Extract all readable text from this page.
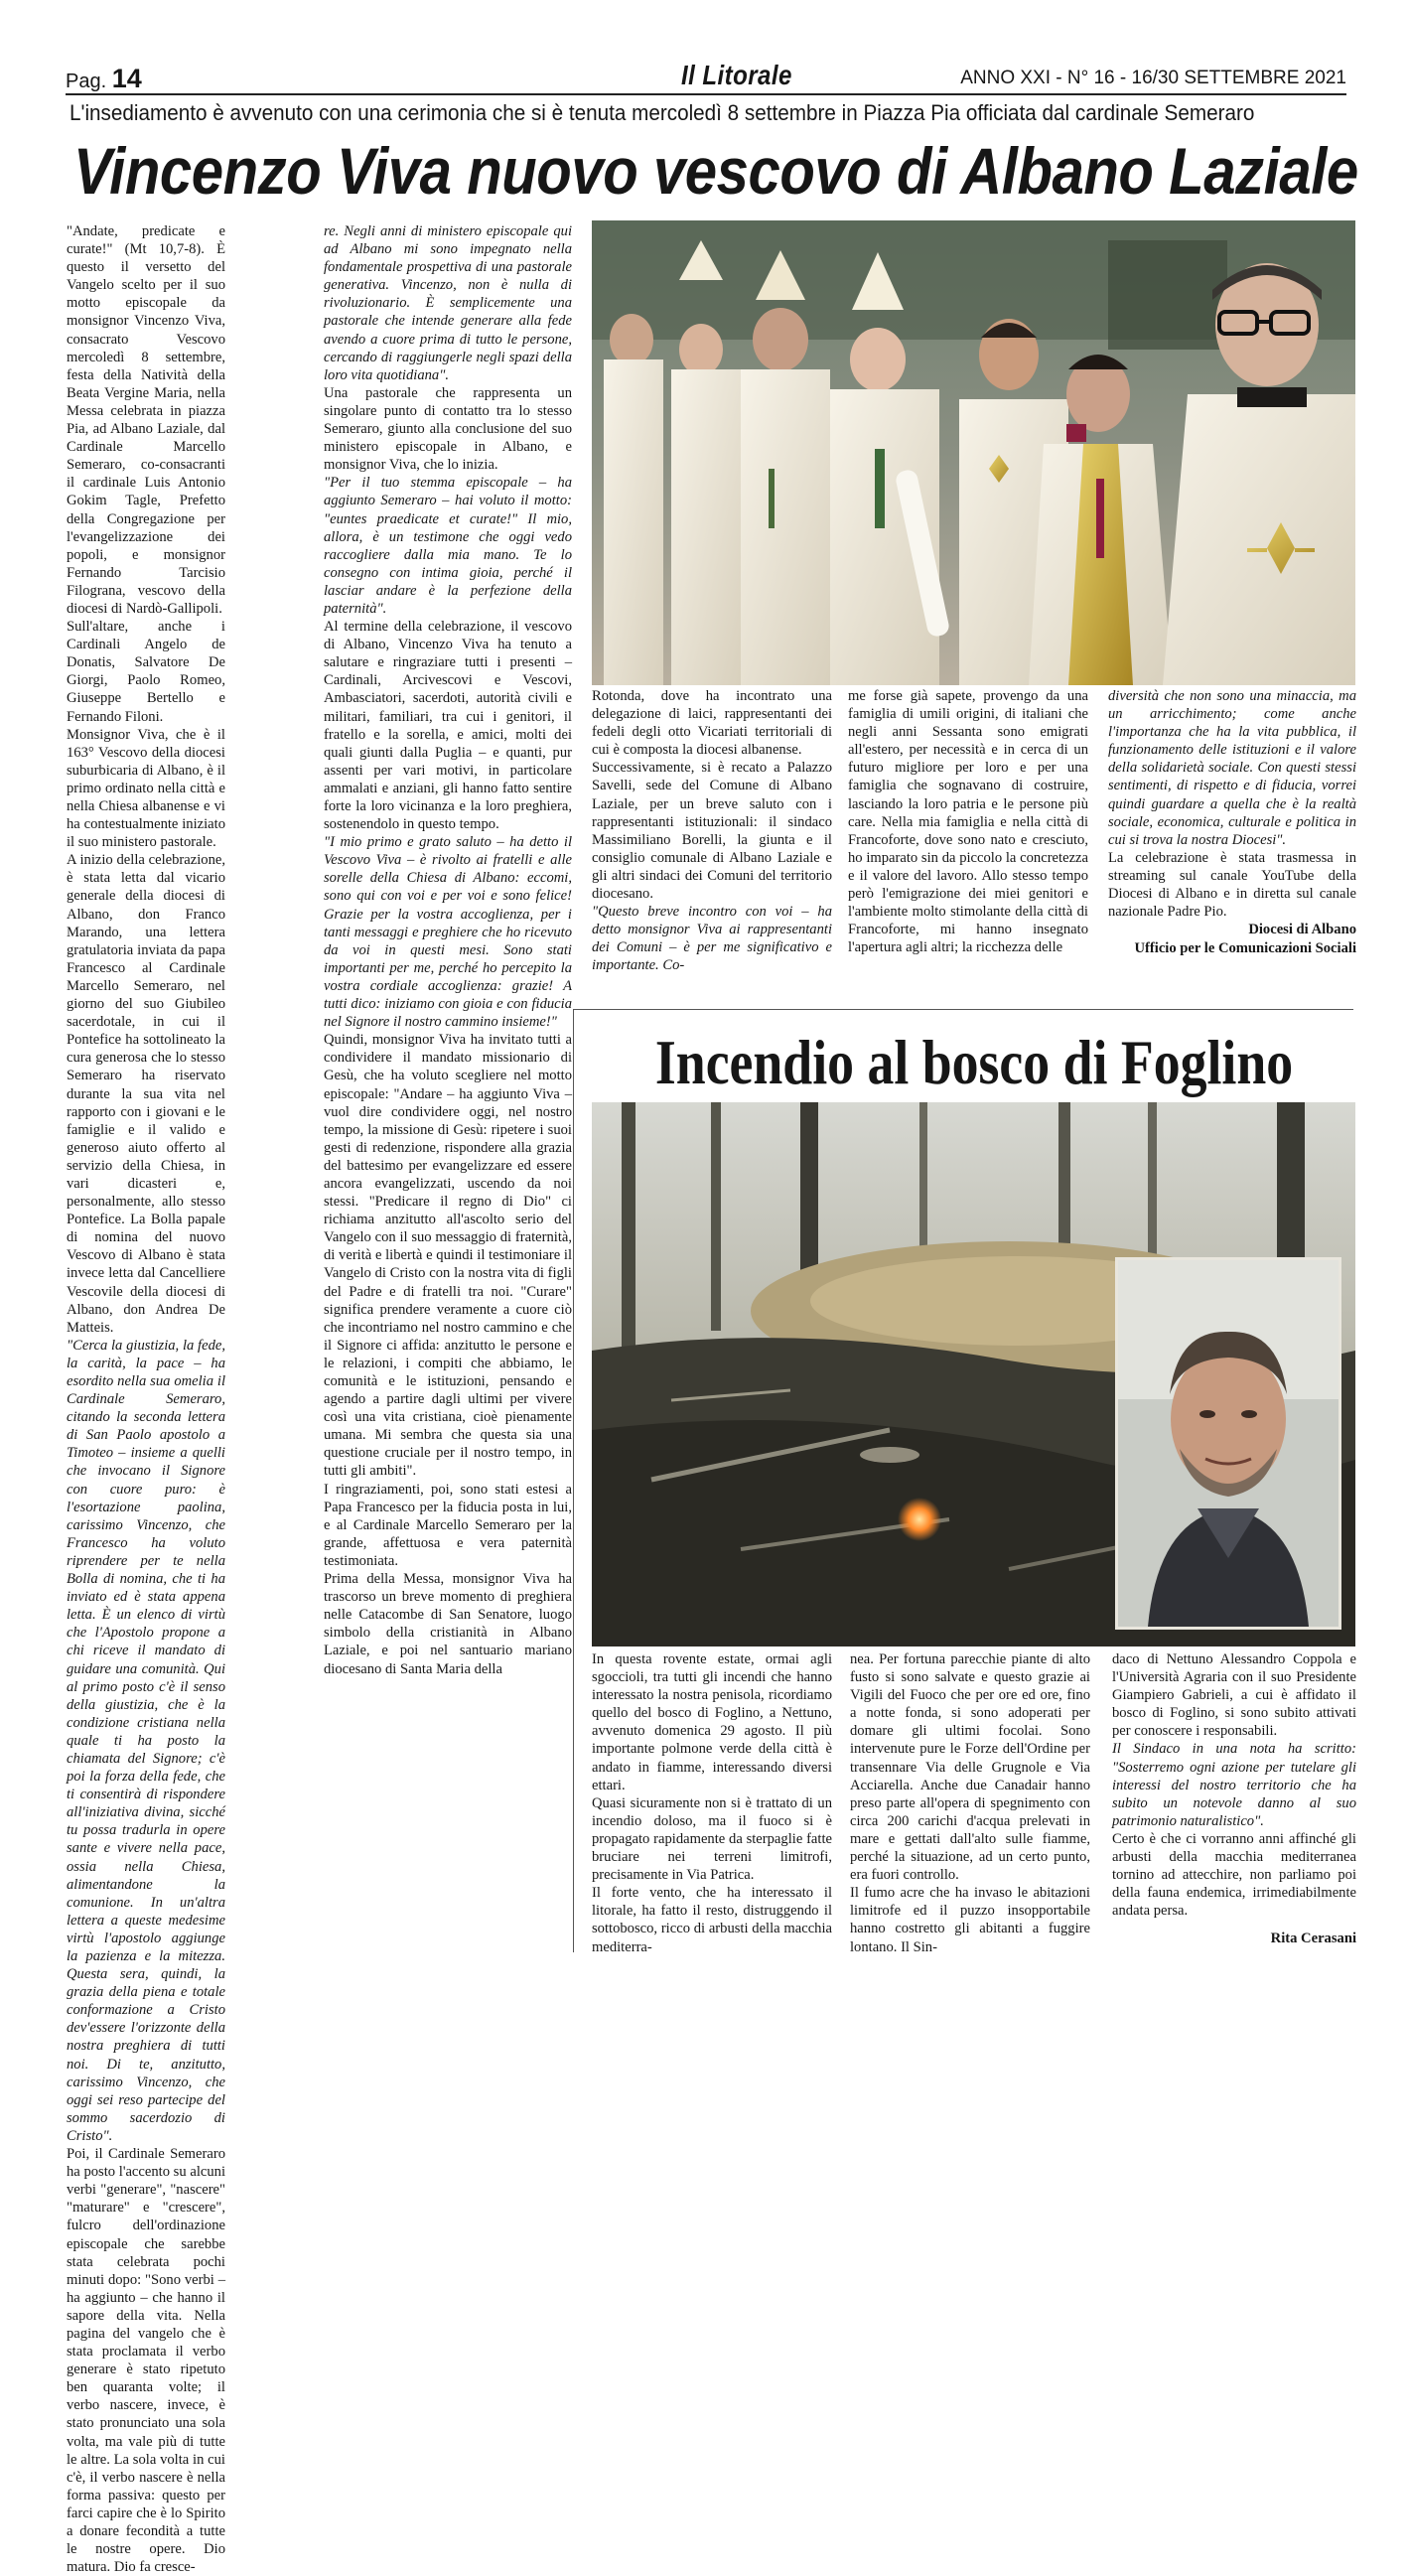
Pag. 14	Il Litorale	ANNO XXI - N° 16 - 16/30 SETTEMBRE 2021
L'insediamento è avvenuto con una cerimonia che si è tenuta mercoledì 8 settembre in Piazza Pia officiata dal cardinale Semeraro
Vincenzo Viva nuovo vescovo di Albano Laziale

"Andate, predicate e curate!" (Mt 10,7-8). È questo il versetto del Vangelo scelto per il suo motto episcopale da monsignor Vincenzo Viva, consacrato Vescovo mercoledì 8 settembre, festa della Natività della Beata Vergine Maria, nella Messa celebrata in piazza Pia, ad Albano Laziale, dal Cardinale Marcello Semeraro, co-consacranti il cardinale Luis Antonio Gokim Tagle, Prefetto della Congregazione per l'evangelizzazione dei popoli, e monsignor Fernando Tarcisio Filograna, vescovo della diocesi di Nardò-Gallipoli.

Sull'altare, anche i Cardinali Angelo de Donatis, Salvatore De Giorgi, Paolo Romeo, Giuseppe Bertello e Fernando Filoni.

Monsignor Viva, che è il 163° Vescovo della diocesi suburbicaria di Albano, è il primo ordinato nella città e nella Chiesa albanense e vi ha contestualmente iniziato il suo ministero pastorale.

A inizio della celebrazione, è stata letta dal vicario generale della diocesi di Albano, don Franco Marando, una lettera gratulatoria inviata da papa Francesco al Cardinale Marcello Semeraro, nel giorno del suo Giubileo sacerdotale, in cui il Pontefice ha sottolineato la cura generosa che lo stesso Semeraro ha riservato durante la sua vita nel rapporto con i giovani e le famiglie e il valido e generoso aiuto offerto al servizio della Chiesa, in vari dicasteri e, personalmente, allo stesso Pontefice. La Bolla papale di nomina del nuovo Vescovo di Albano è stata invece letta dal Cancelliere Vescovile della diocesi di Albano, don Andrea De Matteis.

"Cerca la giustizia, la fede, la carità, la pace – ha esordito nella sua omelia il Cardinale Semeraro, citando la seconda lettera di San Paolo apostolo a Timoteo – insieme a quelli che invocano il Signore con cuore puro: è l'esortazione paolina, carissimo Vincenzo, che Francesco ha voluto riprendere per te nella Bolla di nomina, che ti ha inviato ed è stata appena letta. È un elenco di virtù che l'Apostolo propone a chi riceve il mandato di guidare una comunità. Qui al primo posto c'è il senso della giustizia, che è la condizione cristiana nella quale ti ha posto la chiamata del Signore; c'è poi la forza della fede, che ti consentirà di rispondere all'iniziativa divina, sicché tu possa tradurla in opere sante e vivere nella pace, ossia nella Chiesa, alimentandone la comunione. In un'altra lettera a queste medesime virtù l'apostolo aggiunge la pazienza e la mitezza. Questa sera, quindi, la grazia della piena e totale conformazione a Cristo dev'essere l'orizzonte della nostra preghiera di tutti noi. Di te, anzitutto, carissimo Vincenzo, che oggi sei reso partecipe del sommo sacerdozio di Cristo".

Poi, il Cardinale Semeraro ha posto l'accento su alcuni verbi "generare", "nascere" "maturare" e "crescere", fulcro dell'ordinazione episcopale che sarebbe stata celebrata pochi minuti dopo: "Sono verbi – ha aggiunto – che hanno il sapore della vita. Nella pagina del vangelo che è stata proclamata il verbo generare è stato ripetuto ben quaranta volte; il verbo nascere, invece, è stato pronunciato una sola volta, ma vale più di tutte le altre. La sola volta in cui c'è, il verbo nascere è nella forma passiva: questo per farci capire che è lo Spirito a donare fecondità a tutte le nostre opere. Dio matura. Dio fa cresce-

re. Negli anni di ministero episcopale qui ad Albano mi sono impegnato nella fondamentale prospettiva di una pastorale generativa. Vincenzo, non è nulla di rivoluzionario. È semplicemente una pastorale che intende generare alla fede avendo a cuore prima di tutto le persone, cercando di raggiungerle negli spazi della loro vita quotidiana".

Una pastorale che rappresenta un singolare punto di contatto tra lo stesso Semeraro, giunto alla conclusione del suo ministero episcopale in Albano, e monsignor Viva, che lo inizia.

"Per il tuo stemma episcopale – ha aggiunto Semeraro – hai voluto il motto: "euntes praedicate et curate!" Il mio, allora, è un testimone che oggi vedo raccogliere dalla mia mano. Te lo consegno con intima gioia, perché il lasciar andare è la perfezione della paternità".

Al termine della celebrazione, il vescovo di Albano, Vincenzo Viva ha tenuto a salutare e ringraziare tutti i presenti – Cardinali, Arcivescovi e Vescovi, Ambasciatori, sacerdoti, autorità civili e militari, familiari, tra cui i genitori, il fratello e la sorella, e amici, molti dei quali giunti dalla Puglia – e quanti, pur assenti per vari motivi, in particolare ammalati e anziani, gli hanno fatto sentire forte la loro vicinanza e la loro preghiera, sostenendolo in questo tempo.

"I mio primo e grato saluto – ha detto il Vescovo Viva – è rivolto ai fratelli e alle sorelle della Chiesa di Albano: eccomi, sono qui con voi e per voi e sono felice! Grazie per la vostra accoglienza, per i tanti messaggi e preghiere che ho ricevuto da voi in questi mesi. Sono stati importanti per me, perché ho percepito la vostra cordiale accoglienza: grazie! A tutti dico: iniziamo con gioia e con fiducia nel Signore il nostro cammino insieme!"

Quindi, monsignor Viva ha invitato tutti a condividere il mandato missionario di Gesù, che ha voluto scegliere nel motto episcopale: "Andare – ha aggiunto Viva – vuol dire condividere oggi, nel nostro tempo, la missione di Gesù: ripetere i suoi gesti di redenzione, rispondere alla grazia del battesimo per evangelizzare ed essere ancora evangelizzati, uscendo da noi stessi. "Predicare il regno di Dio" ci richiama anzitutto all'ascolto serio del Vangelo con il suo messaggio di fraternità, di verità e libertà e quindi il testimoniare il Vangelo di Cristo con la nostra vita di figli del Padre e di fratelli tra noi. "Curare" significa prendere veramente a cuore ciò che incontriamo nel nostro cammino e che il Signore ci affida: anzitutto le persone e le relazioni, i compiti che abbiamo, le comunità e le istituzioni, pensando e agendo a partire dagli ultimi per vivere così una vita cristiana, cioè pienamente umana. Mi sembra che questa sia una questione cruciale per il nostro tempo, in tutti gli ambiti".

I ringraziamenti, poi, sono stati estesi a Papa Francesco per la fiducia posta in lui, e al Cardinale Marcello Semeraro per la grande, affettuosa e vera paternità testimoniata.

Prima della Messa, monsignor Viva ha trascorso un breve momento di preghiera nelle Catacombe di San Senatore, luogo simbolo della cristianità in Albano Laziale, e poi nel santuario mariano diocesano di Santa Maria della

Rotonda, dove ha incontrato una delegazione di laici, rappresentanti dei fedeli degli otto Vicariati territoriali di cui è composta la diocesi albanense.

Successivamente, si è recato a Palazzo Savelli, sede del Comune di Albano Laziale, per un breve saluto con i rappresentanti istituzionali: il sindaco Massimiliano Borelli, la giunta e il consiglio comunale di Albano Laziale e gli altri sindaci dei Comuni del territorio diocesano.

"Questo breve incontro con voi – ha detto monsignor Viva ai rappresentanti dei Comuni – è per me significativo e importante. Co-

me forse già sapete, provengo da una famiglia di umili origini, di italiani che negli anni Sessanta sono emigrati all'estero, per necessità e in cerca di un futuro migliore per loro e per una famiglia che sognavano di costruire, lasciando la loro patria e le persone più care. Nella mia famiglia e nella città di Francoforte, dove sono nato e cresciuto, ho imparato sin da piccolo la concretezza e il valore del lavoro. Allo stesso tempo però l'emigrazione dei miei genitori e l'ambiente molto stimolante della città di Francoforte, mi hanno insegnato l'apertura agli altri; la ricchezza delle

diversità che non sono una minaccia, ma un arricchimento; come anche l'importanza che ha la vita pubblica, il funzionamento delle istituzioni e il valore della solidarietà sociale. Con questi stessi sentimenti, di rispetto e di fiducia, vorrei quindi guardare a quella che è la realtà sociale, economica, culturale e politica in cui si trova la nostra Diocesi".

La celebrazione è stata trasmessa in streaming sul canale YouTube della Diocesi di Albano e in diretta sul canale nazionale Padre Pio.

Diocesi di Albano

Ufficio per le Comunicazioni Sociali

Incendio al bosco di Foglino

In questa rovente estate, ormai agli sgoccioli, tra tutti gli incendi che hanno interessato la nostra penisola, ricordiamo quello del bosco di Foglino, a Nettuno, avvenuto domenica 29 agosto. Il più importante polmone verde della città è andato in fiamme, interessando diversi ettari.

Quasi sicuramente non si è trattato di un incendio doloso, ma il fuoco si è propagato rapidamente da sterpaglie fatte bruciare nei terreni limitrofi, precisamente in Via Patrica.

Il forte vento, che ha interessato il litorale, ha fatto il resto, distruggendo il sottobosco, ricco di arbusti della macchia mediterra-

nea. Per fortuna parecchie piante di alto fusto si sono salvate e questo grazie ai Vigili del Fuoco che per ore ed ore, fino a notte fonda, si sono adoperati per domare gli ultimi focolai. Sono intervenute pure le Forze dell'Ordine per transennare Via delle Grugnole e Via Acciarella. Anche due Canadair hanno preso parte all'opera di spegnimento con circa 200 carichi d'acqua prelevati in mare e gettati dall'alto sulle fiamme, perché la situazione, ad un certo punto, era fuori controllo.

Il fumo acre che ha invaso le abitazioni limitrofe ed il puzzo insopportabile hanno costretto gli abitanti a fuggire lontano. Il Sin-

daco di Nettuno Alessandro Coppola e l'Università Agraria con il suo Presidente Giampiero Gabrieli, a cui è affidato il bosco di Foglino, si sono subito attivati per conoscere i responsabili.

Il Sindaco in una nota ha scritto: "Sosterremo ogni azione per tutelare gli interessi del nostro territorio che ha subito un notevole danno al suo patrimonio naturalistico".

Certo è che ci vorranno anni affinché gli arbusti della macchia mediterranea tornino ad attecchire, non parliamo poi della fauna endemica, irrimediabilmente andata persa.

Rita Cerasani
